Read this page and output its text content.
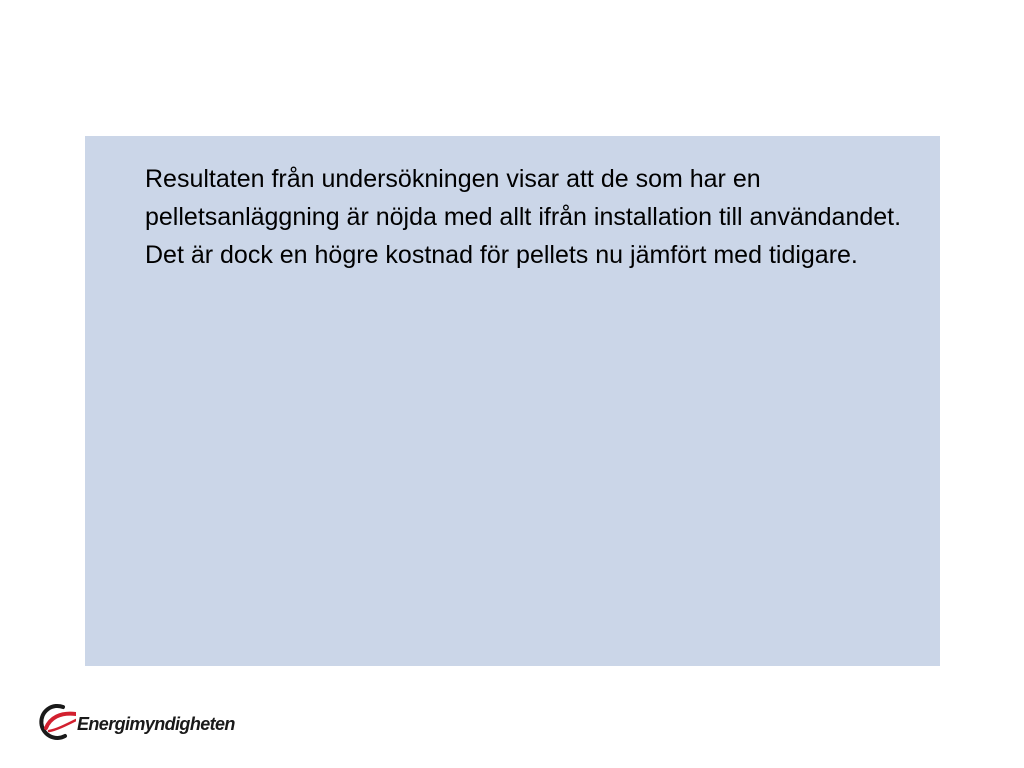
Resultaten från undersökningen visar att de som har en pelletsanläggning är nöjda med allt ifrån installation till användandet. Det är dock en högre kostnad för pellets nu jämfört med tidigare.

Energimyndigheten
